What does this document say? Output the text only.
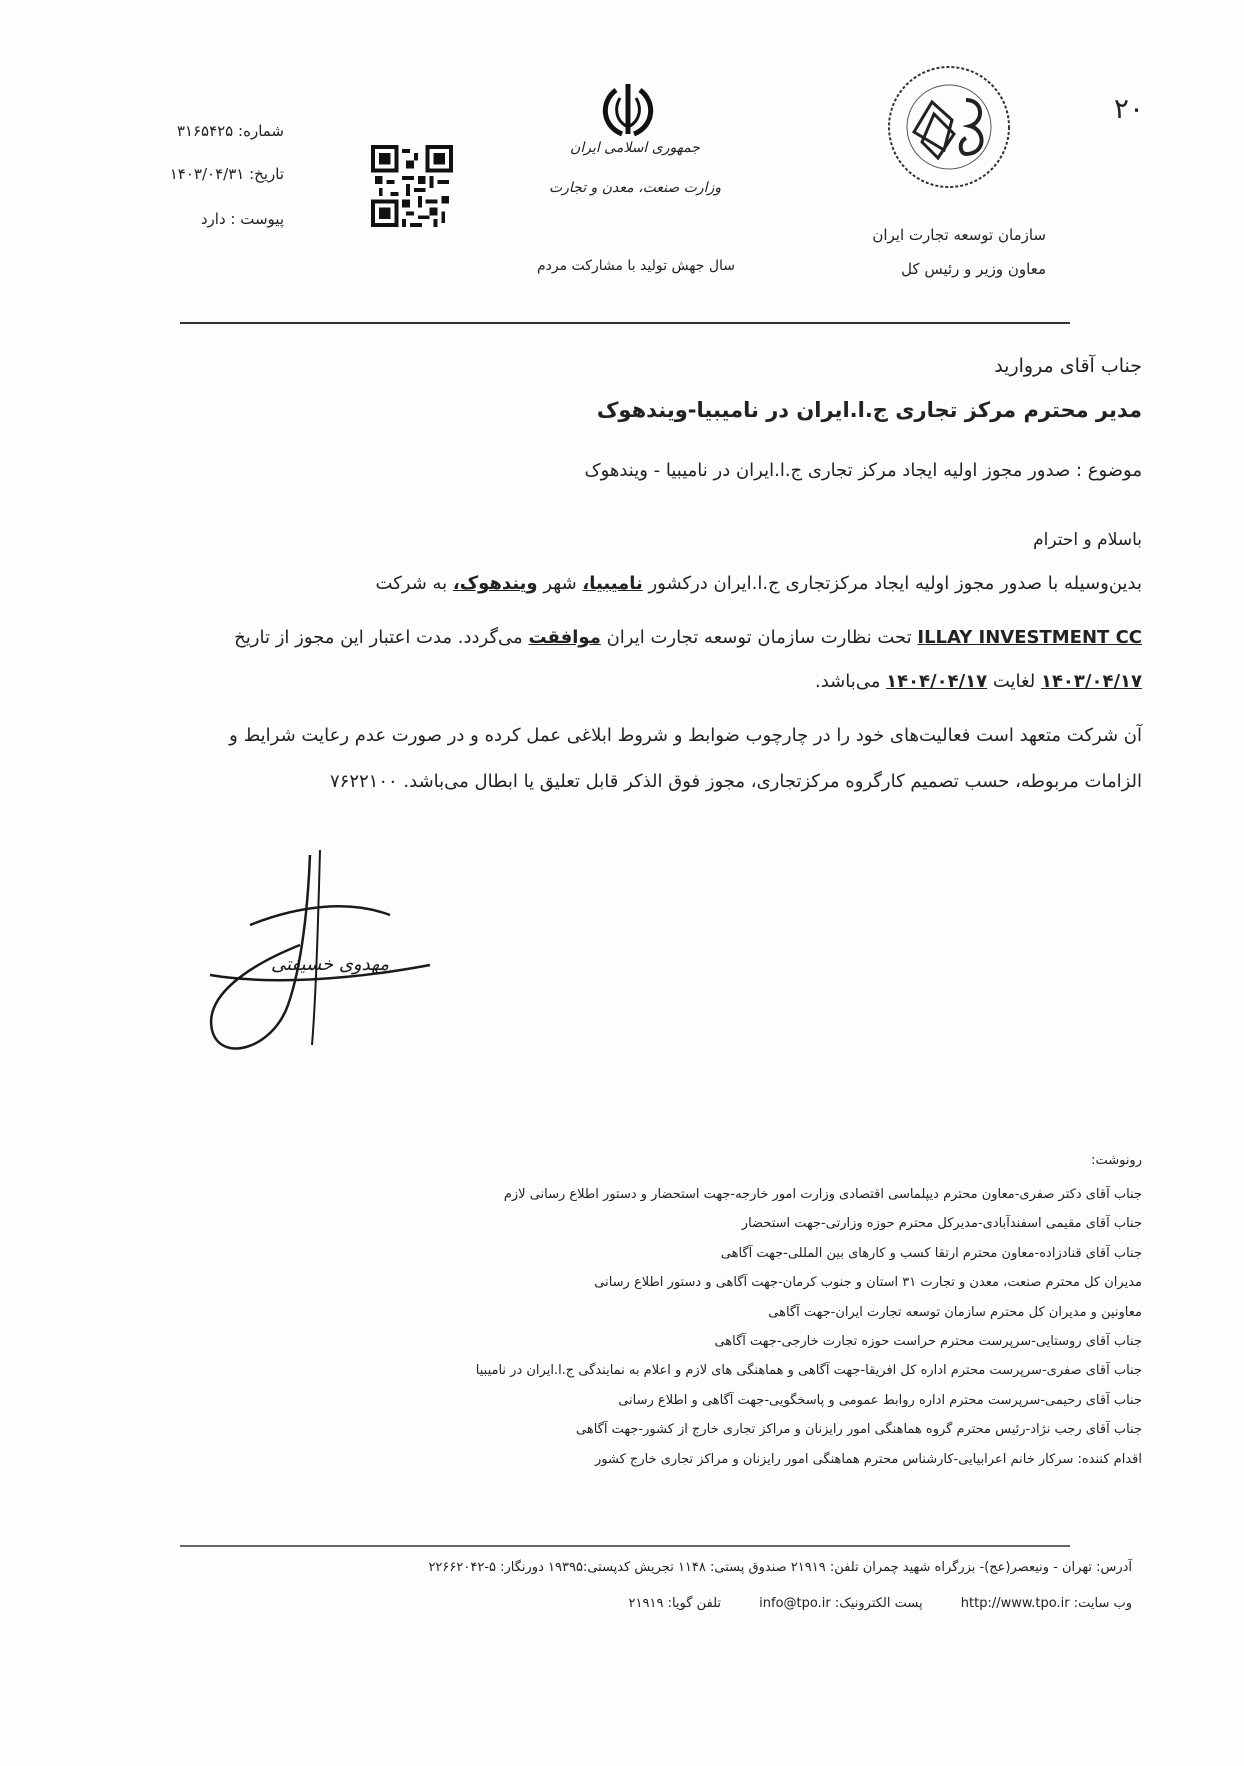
۲۰
سازمان توسعه تجارت ایران
معاون وزیر و رئیس کل
جمهوری اسلامی ایران
وزارت صنعت، معدن و تجارت
سال جهش تولید با مشارکت مردم
شماره: ۳۱۶۵۴۲۵
تاریخ: ۱۴۰۳/۰۴/۳۱
پیوست : دارد
جناب آقای مروارید
مدیر محترم مرکز تجاری ج.ا.ایران در نامیبیا-ویندهوک
موضوع : صدور مجوز اولیه ایجاد مرکز تجاری ج.ا.ایران در نامیبیا - ویندهوک
باسلام و احترام
بدین‌وسیله با صدور مجوز اولیه ایجاد مرکزتجاری ج.ا.ایران درکشور نامیبیا، شهر ویندهوک، به شرکت
ILLAY INVESTMENT CC تحت نظارت سازمان توسعه تجارت ایران موافقت می‌گردد. مدت اعتبار این مجوز از تاریخ
۱۴۰۳/۰۴/۱۷ لغایت ۱۴۰۴/۰۴/۱۷ می‌باشد.
آن شرکت متعهد است فعالیت‌های خود را در چارچوب ضوابط و شروط ابلاغی عمل کرده و در صورت عدم رعایت شرایط و
الزامات مربوطه، حسب تصمیم کارگروه مرکزتجاری، مجوز فوق الذکر قابل تعلیق یا ابطال می‌باشد. ۷۶۲۲۱۰۰
مهدوی خسیفتی
رونوشت:
جناب آقای دکتر صفری-معاون محترم دیپلماسی اقتصادی وزارت امور خارجه-جهت استحضار و دستور اطلاع رسانی لازم
جناب آقای مقیمی اسفندآبادی-مدیرکل محترم حوزه وزارتی-جهت استحضار
جناب آقای قنادزاده-معاون محترم ارتقا کسب و کارهای بین المللی-جهت آگاهی
مدیران کل محترم صنعت، معدن و تجارت ۳۱ استان و جنوب کرمان-جهت آگاهی و دستور اطلاع رسانی
معاونین و مدیران کل محترم سازمان توسعه تجارت ایران-جهت آگاهی
جناب آقای روستایی-سرپرست محترم حراست حوزه تجارت خارجی-جهت آگاهی
جناب آقای صفری-سرپرست محترم اداره کل افریقا-جهت آگاهی و هماهنگی های لازم و اعلام به نمایندگی ج.ا.ایران در نامیبیا
جناب آقای رحیمی-سرپرست محترم اداره روابط عمومی و پاسخگویی-جهت آگاهی و اطلاع رسانی
جناب آقای رجب نژاد-رئیس محترم گروه هماهنگی امور رایزنان و مراکز تجاری خارج از کشور-جهت آگاهی
اقدام کننده: سرکار خانم اعرابیایی-کارشناس محترم هماهنگی امور رایزنان و مراکز تجاری خارج کشور
آدرس: تهران - ونیعصر(عج)- بزرگراه شهید چمران تلفن: ۲۱۹۱۹ صندوق پستی: ۱۱۴۸ تجریش کدپستی:۱۹۳۹۵ دورنگار: ۵-۲۲۶۶۲۰۴۲
وب سایت: http://www.tpo.ir پست الکترونیک: info@tpo.ir تلفن گویا: ۲۱۹۱۹
